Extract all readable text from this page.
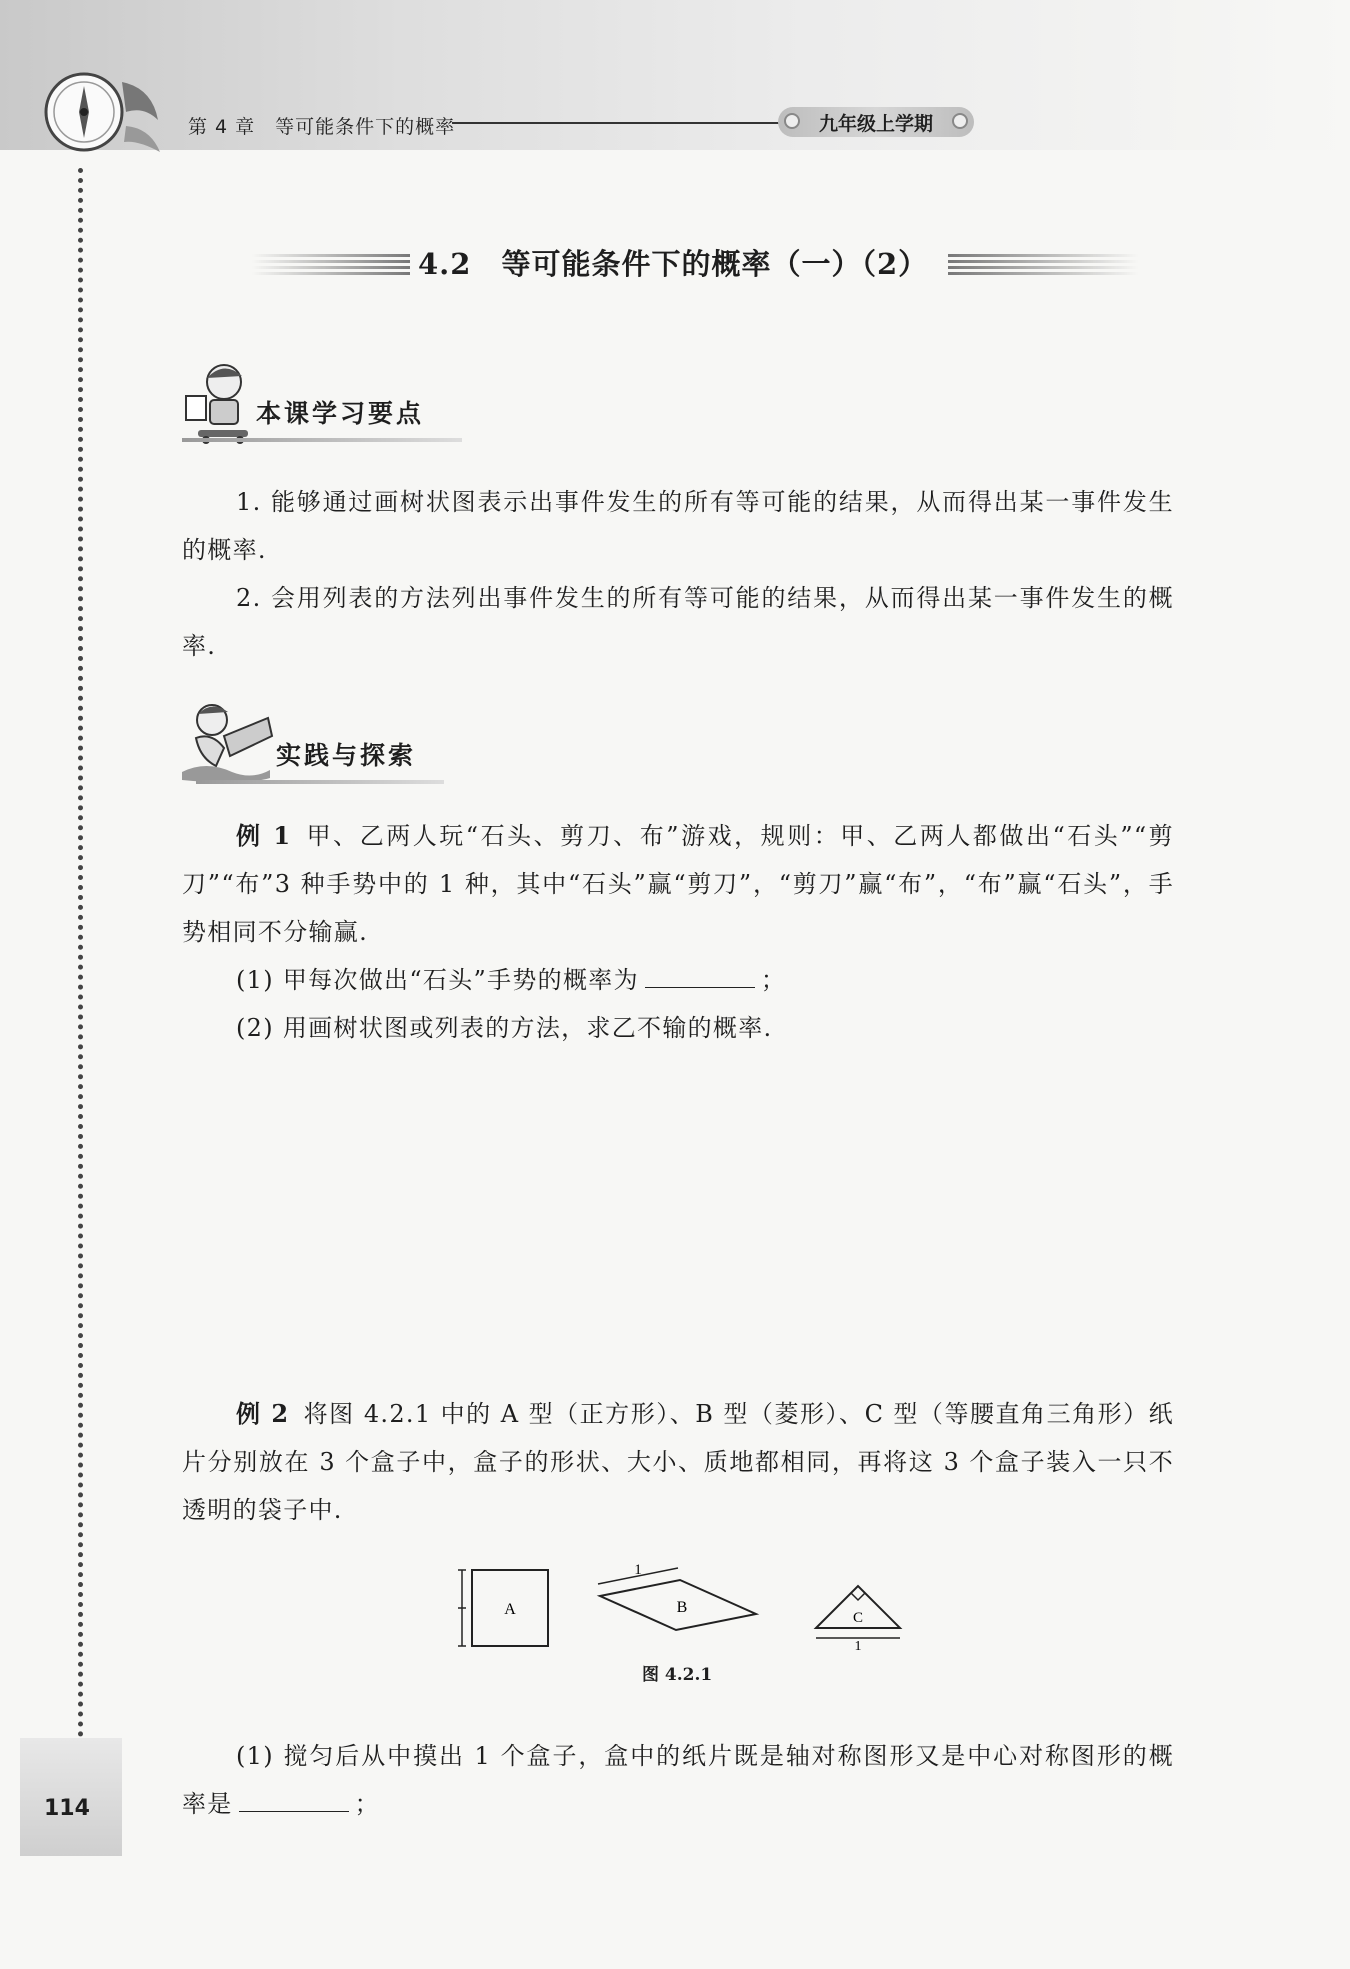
第 4 章　等可能条件下的概率	九年级上学期
114
4.2　等可能条件下的概率（一）（2）
本课学习要点
1. 能够通过画树状图表示出事件发生的所有等可能的结果，从而得出某一事件发生的概率.
2. 会用列表的方法列出事件发生的所有等可能的结果，从而得出某一事件发生的概率.
实践与探索
例 1 甲、乙两人玩“石头、剪刀、布”游戏，规则：甲、乙两人都做出“石头”“剪刀”“布”3 种手势中的 1 种，其中“石头”赢“剪刀”，“剪刀”赢“布”，“布”赢“石头”，手势相同不分输赢.
(1) 甲每次做出“石头”手势的概率为	；
(2) 用画树状图或列表的方法，求乙不输的概率.
例 2 将图 4.2.1 中的 A 型（正方形）、B 型（菱形）、C 型（等腰直角三角形）纸片分别放在 3 个盒子中，盒子的形状、大小、质地都相同，再将这 3 个盒子装入一只不透明的袋子中.
A
1
B
1
C
图 4.2.1
(1) 搅匀后从中摸出 1 个盒子，盒中的纸片既是轴对称图形又是中心对称图形的概率是	；
